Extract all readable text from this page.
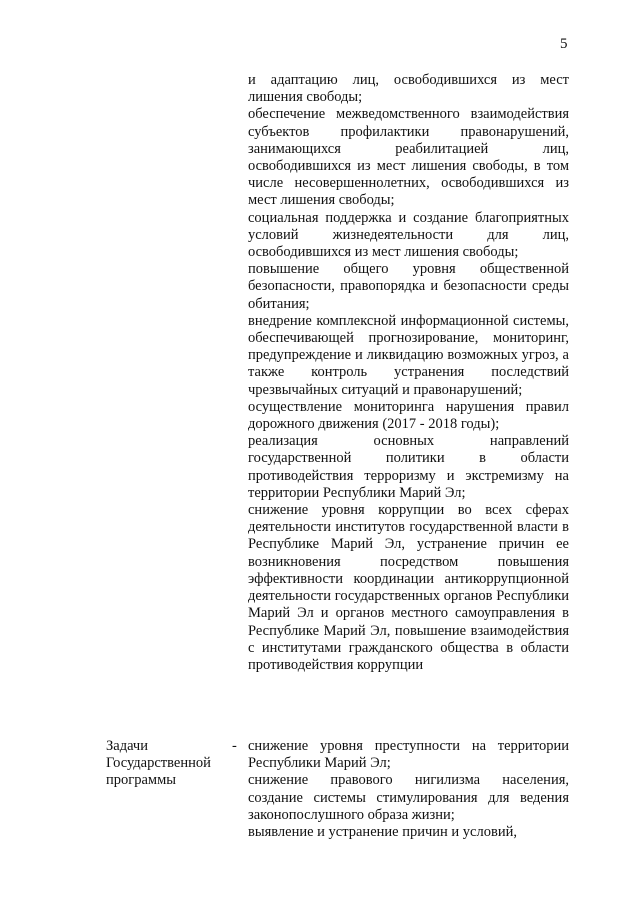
5

и адаптацию лиц, освободившихся из мест лишения свободы;

обеспечение межведомственного взаимодействия субъектов профилактики правонарушений, занимающихся реабилитацией лиц, освободившихся из мест лишения свободы, в том числе несовершеннолетних, освободившихся из мест лишения свободы;

социальная поддержка и создание благоприятных условий жизнедеятельности для лиц, освободившихся из мест лишения свободы;

повышение общего уровня общественной безопасности, правопорядка и безопасности среды обитания;

внедрение комплексной информационной системы, обеспечивающей прогнозирование, мониторинг, предупреждение и ликвидацию возможных угроз, а также контроль устранения последствий чрезвычайных ситуаций и правонарушений;

осуществление мониторинга нарушения правил дорожного движения (2017 - 2018 годы);

реализация основных направлений государственной политики в области противодействия терроризму и экстремизму на территории Республики Марий Эл;

снижение уровня коррупции во всех сферах деятельности институтов государственной власти в Республике Марий Эл, устранение причин ее возникновения посредством повышения эффективности координации антикоррупционной деятельности государственных органов Республики Марий Эл и органов местного самоуправления в Республике Марий Эл, повышение взаимодействия с институтами гражданского общества в области противодействия коррупции

Задачи Государственной программы
- снижение уровня преступности на территории Республики Марий Эл;

снижение правового нигилизма населения, создание системы стимулирования для ведения законопослушного образа жизни;

выявление и устранение причин и условий,
